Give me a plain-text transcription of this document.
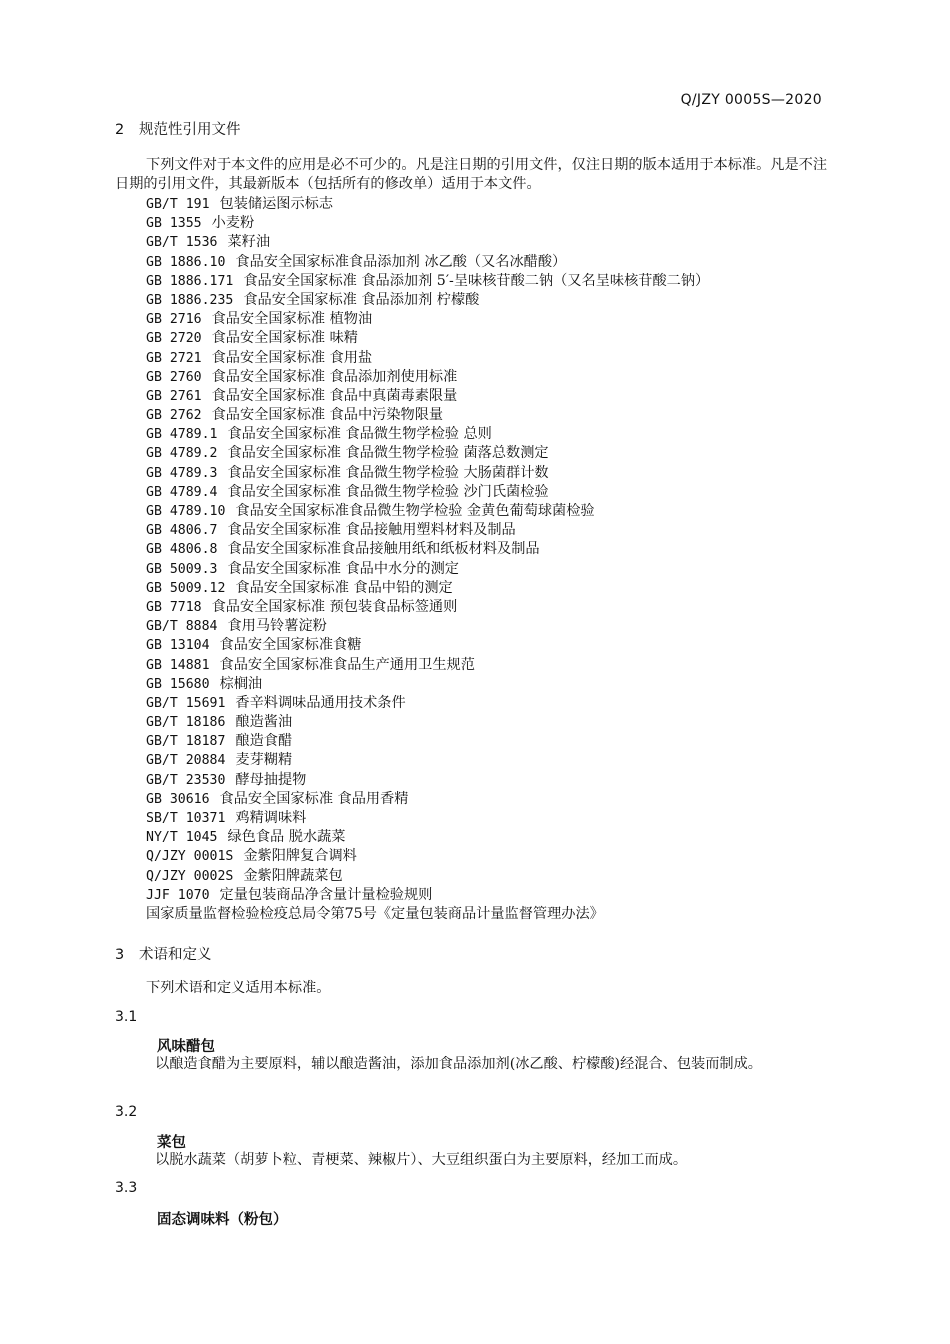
Q/JZY 0005S—2020
2 规范性引用文件
下列文件对于本文件的应用是必不可少的。凡是注日期的引用文件，仅注日期的版本适用于本标准。凡是不注日期的引用文件，其最新版本（包括所有的修改单）适用于本文件。
GB/T 191 包装储运图示标志
GB 1355 小麦粉
GB/T 1536 菜籽油
GB 1886.10 食品安全国家标准食品添加剂 冰乙酸（又名冰醋酸）
GB 1886.171 食品安全国家标准 食品添加剂 5′-呈味核苷酸二钠（又名呈味核苷酸二钠）
GB 1886.235 食品安全国家标准 食品添加剂 柠檬酸
GB 2716 食品安全国家标准 植物油
GB 2720 食品安全国家标准 味精
GB 2721 食品安全国家标准 食用盐
GB 2760 食品安全国家标准 食品添加剂使用标准
GB 2761 食品安全国家标准 食品中真菌毒素限量
GB 2762 食品安全国家标准 食品中污染物限量
GB 4789.1 食品安全国家标准 食品微生物学检验 总则
GB 4789.2 食品安全国家标准 食品微生物学检验 菌落总数测定
GB 4789.3 食品安全国家标准 食品微生物学检验 大肠菌群计数
GB 4789.4 食品安全国家标准 食品微生物学检验 沙门氏菌检验
GB 4789.10 食品安全国家标准食品微生物学检验 金黄色葡萄球菌检验
GB 4806.7 食品安全国家标准 食品接触用塑料材料及制品
GB 4806.8 食品安全国家标准食品接触用纸和纸板材料及制品
GB 5009.3 食品安全国家标准 食品中水分的测定
GB 5009.12 食品安全国家标准 食品中铅的测定
GB 7718 食品安全国家标准 预包装食品标签通则
GB/T 8884 食用马铃薯淀粉
GB 13104 食品安全国家标准食糖
GB 14881 食品安全国家标准食品生产通用卫生规范
GB 15680 棕榈油
GB/T 15691 香辛料调味品通用技术条件
GB/T 18186 酿造酱油
GB/T 18187 酿造食醋
GB/T 20884 麦芽糊精
GB/T 23530 酵母抽提物
GB 30616 食品安全国家标准 食品用香精
SB/T 10371 鸡精调味料
NY/T 1045 绿色食品 脱水蔬菜
Q/JZY 0001S 金紫阳牌复合调料
Q/JZY 0002S 金紫阳牌蔬菜包
JJF 1070 定量包装商品净含量计量检验规则
国家质量监督检验检疫总局令第75号《定量包装商品计量监督管理办法》
3 术语和定义
下列术语和定义适用本标准。
3.1
风味醋包
以酿造食醋为主要原料，辅以酿造酱油，添加食品添加剂(冰乙酸、柠檬酸)经混合、包装而制成。
3.2
菜包
以脱水蔬菜（胡萝卜粒、青梗菜、辣椒片）、大豆组织蛋白为主要原料，经加工而成。
3.3
固态调味料（粉包）
